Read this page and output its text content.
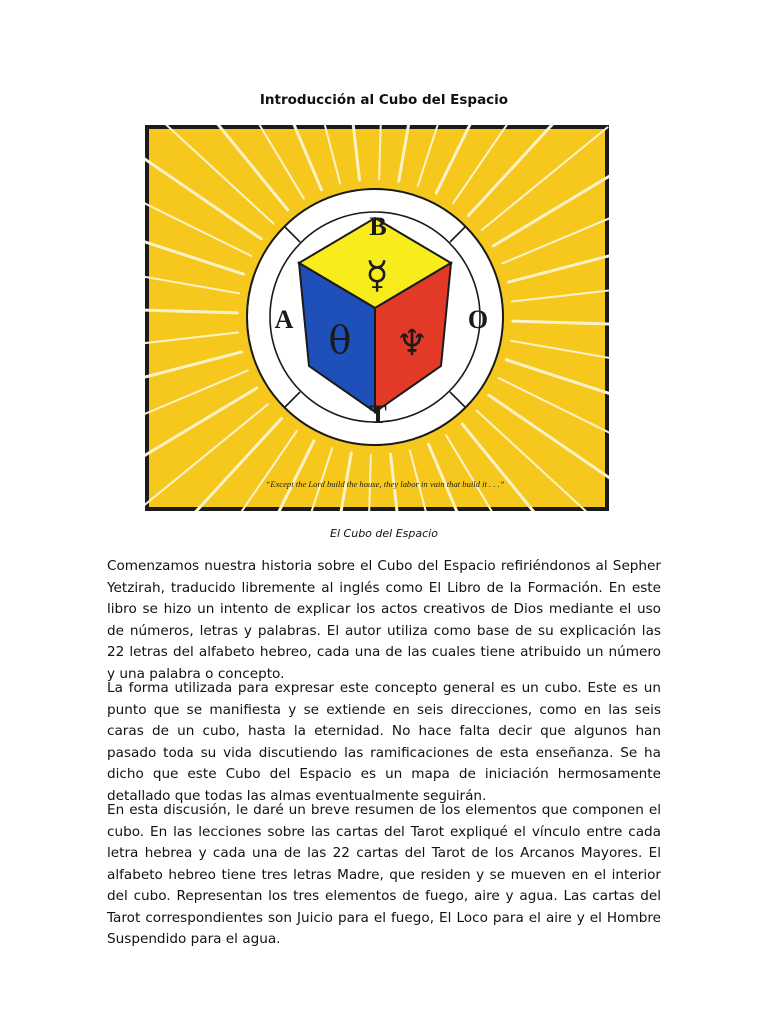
Introducción al Cubo del Espacio
B
A	O
T
☿
θ ♆
“Except the Lord build the house, they labor in vain that build it . . .”
El Cubo del Espacio

Comenzamos nuestra historia sobre el Cubo del Espacio refiriéndonos al Sepher Yetzirah, traducido libremente al inglés como El Libro de la Formación. En este libro se hizo un intento de explicar los actos creativos de Dios mediante el uso de números, letras y palabras. El autor utiliza como base de su explicación las 22 letras del alfabeto hebreo, cada una de las cuales tiene atribuido un número y una palabra o concepto.

La forma utilizada para expresar este concepto general es un cubo. Este es un punto que se manifiesta y se extiende en seis direcciones, como en las seis caras de un cubo, hasta la eternidad. No hace falta decir que algunos han pasado toda su vida discutiendo las ramificaciones de esta enseñanza. Se ha dicho que este Cubo del Espacio es un mapa de iniciación hermosamente detallado que todas las almas eventualmente seguirán.

En esta discusión, le daré un breve resumen de los elementos que componen el cubo. En las lecciones sobre las cartas del Tarot expliqué el vínculo entre cada letra hebrea y cada una de las 22 cartas del Tarot de los Arcanos Mayores. El alfabeto hebreo tiene tres letras Madre, que residen y se mueven en el interior del cubo. Representan los tres elementos de fuego, aire y agua. Las cartas del Tarot correspondientes son Juicio para el fuego, El Loco para el aire y el Hombre Suspendido para el agua.
